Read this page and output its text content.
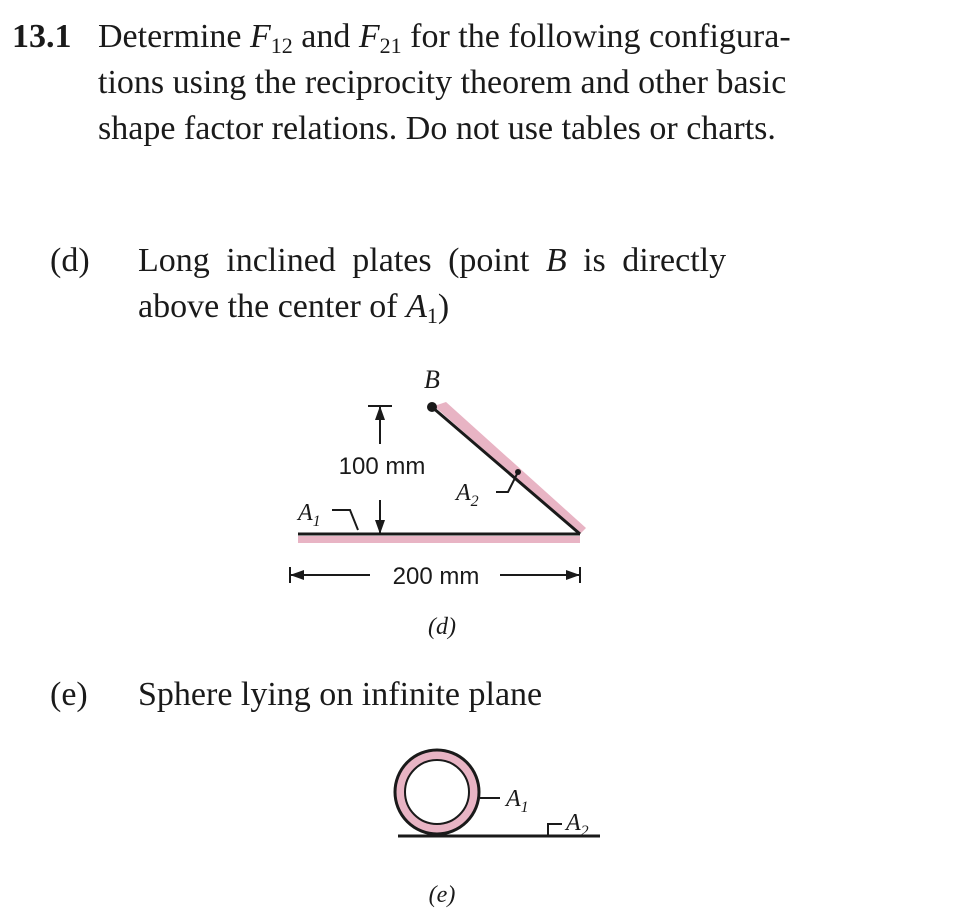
13.1 Determine $F_{12}$ and $F_{21}$ for the following configura-
tions using the reciprocity theorem and other basic
shape factor relations. Do not use tables or charts.
(d) Long inclined plates (point B is directly
above the center of $A_1$)
(e) Sphere lying on infinite plane
B
100 mm
$A_1$
$A_2$
200 mm
(d)
$A_1$
$A_2$
(e)
